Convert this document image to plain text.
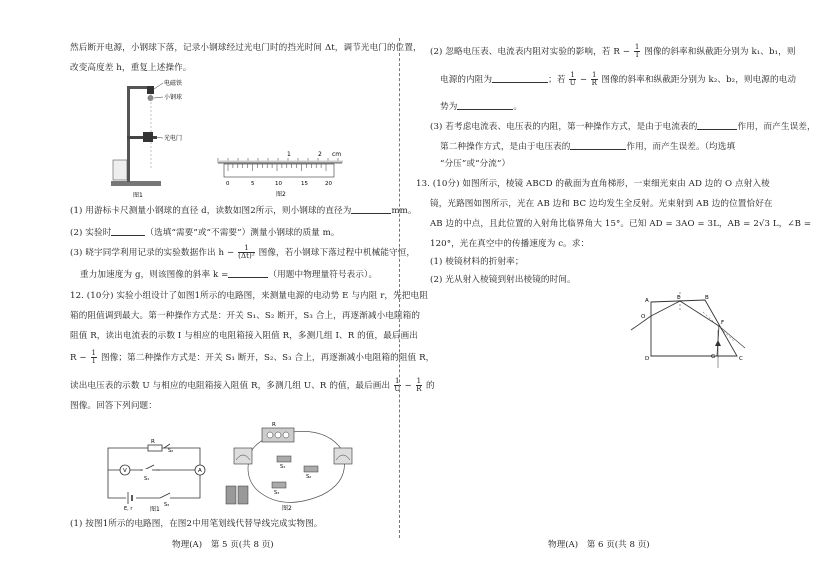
然后断开电源，小钢球下落，记录小钢球经过光电门时的挡光时间 Δt，调节光电门的位置，
改变高度差 h，重复上述操作。
电磁铁
小钢球
光电门
图1
1	2 cm
0	5	10	15	20
图2
(1) 用游标卡尺测量小钢球的直径 d，读数如图2所示，则小钢球的直径为	mm。
(2) 实验时	（选填“需要”或“不需要”）测量小钢球的质量 m。
(3) 晓宇同学利用记录的实验数据作出 $h - \frac{1}{\text{(Δt)²}}$ 图像，若小钢球下落过程中机械能守恒，
重力加速度为 g，则该图像的斜率 k =	（用题中物理量符号表示）。
12. (10分) 实验小组设计了如图1所示的电路图，来测量电源的电动势 E 与内阻 r，先把电阻
箱的阻值调到最大。第一种操作方式是：开关 S₁、S₂ 断开，S₃ 合上，再逐渐减小电阻箱的
阻值 R，读出电流表的示数 I 与相应的电阻箱接入阻值 R，多测几组 I、R 的值，最后画出
$R - \frac{1}{I}$ 图像；第二种操作方式是：开关 S₁ 断开，S₂、S₃ 合上，再逐渐减小电阻箱的阻值 R，
读出电压表的示数 U 与相应的电阻箱接入阻值 R，多测几组 U、R 的值，最后画出 $\frac{1}{U} - \frac{1}{R}$ 的
图像。回答下列问题：
R
V	A
S₁
S₂
S₃
E, r	图1
R
S₁
S₂
S₃
图2
(1) 按图1所示的电路图，在图2中用笔划线代替导线完成实物图。
物理(A)　第 5 页(共 8 页)
(2) 忽略电压表、电流表内阻对实验的影响，若 $R - \frac{1}{I}$ 图像的斜率和纵截距分别为 k₁、b₁，则
电源的内阻为	；若 $\frac{1}{U} - \frac{1}{R}$ 图像的斜率和纵截距分别为 k₂、b₂，则电源的电动
势为	。
(3) 若考虑电流表、电压表的内阻，第一种操作方式，是由于电流表的	作用，而产生误差，
第二种操作方式，是由于电压表的	作用，而产生误差。（均选填
“分压”或“分流”）
13. (10分) 如图所示，棱镜 ABCD 的截面为直角梯形，一束细光束由 AD 边的 O 点射入棱
镜，光路图如图所示，光在 AB 边和 BC 边均发生全反射。光束射到 AB 边的位置恰好在
AB 边的中点，且此位置的入射角比临界角大 15°。已知 AD = 3AO = 3L，AB = 2√3 L，∠B =
120°，光在真空中的传播速度为 c。求：
(1) 棱镜材料的折射率；
(2) 光从射入棱镜到射出棱镜的时间。
A	B
C
D
E
F
G
O
物理(A)　第 6 页(共 8 页)
